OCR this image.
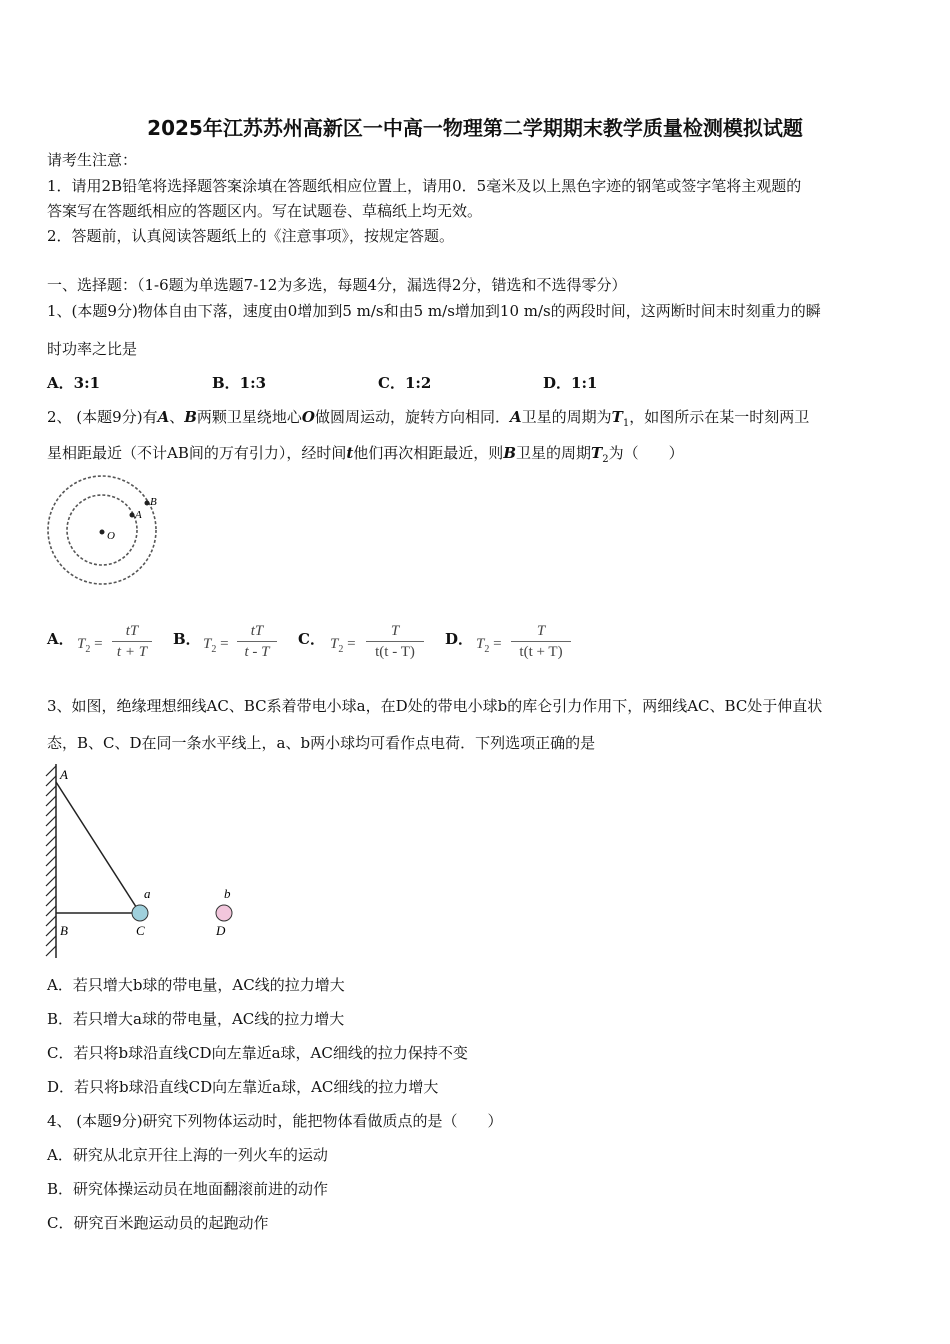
2025年江苏苏州高新区一中高一物理第二学期期末教学质量检测模拟试题
请考生注意：
1．请用2B铅笔将选择题答案涂填在答题纸相应位置上，请用0．5毫米及以上黑色字迹的钢笔或签字笔将主观题的
答案写在答题纸相应的答题区内。写在试题卷、草稿纸上均无效。
2．答题前，认真阅读答题纸上的《注意事项》，按规定答题。
一、选择题：（1-6题为单选题7-12为多选，每题4分，漏选得2分，错选和不选得零分）
1、(本题9分)物体自由下落，速度由0增加到5 m/s和由5 m/s增加到10 m/s的两段时间，这两断时间末时刻重力的瞬
时功率之比是
A．3:1	B．1:3	C．1:2	D．1:1
2、 (本题9分)有A、B两颗卫星绕地心O做圆周运动，旋转方向相同．A卫星的周期为$T_1$，如图所示在某一时刻两卫
星相距最近（不计AB间的万有引力），经时间t他们再次相距最近，则B卫星的周期$T_2$为（　　）
B
A
O
A． $T_2$ =
tT
t + T
B． $T_2$ =
tT
t - T
C． $T_2$ =
T
t(t - T)
D． $T_2$ =
T
t(t + T)
3、如图，绝缘理想细线AC、BC系着带电小球a，在D处的带电小球b的库仑引力作用下，两细线AC、BC处于伸直状
态，B、C、D在同一条水平线上，a、b两小球均可看作点电荷．下列选项正确的是
A
B	C	D
a	b
A．若只增大b球的带电量，AC线的拉力增大
B．若只增大a球的带电量，AC线的拉力增大
C．若只将b球沿直线CD向左靠近a球，AC细线的拉力保持不变
D．若只将b球沿直线CD向左靠近a球，AC细线的拉力增大
4、 (本题9分)研究下列物体运动时，能把物体看做质点的是（　　）
A．研究从北京开往上海的一列火车的运动
B．研究体操运动员在地面翻滚前进的动作
C．研究百米跑运动员的起跑动作
